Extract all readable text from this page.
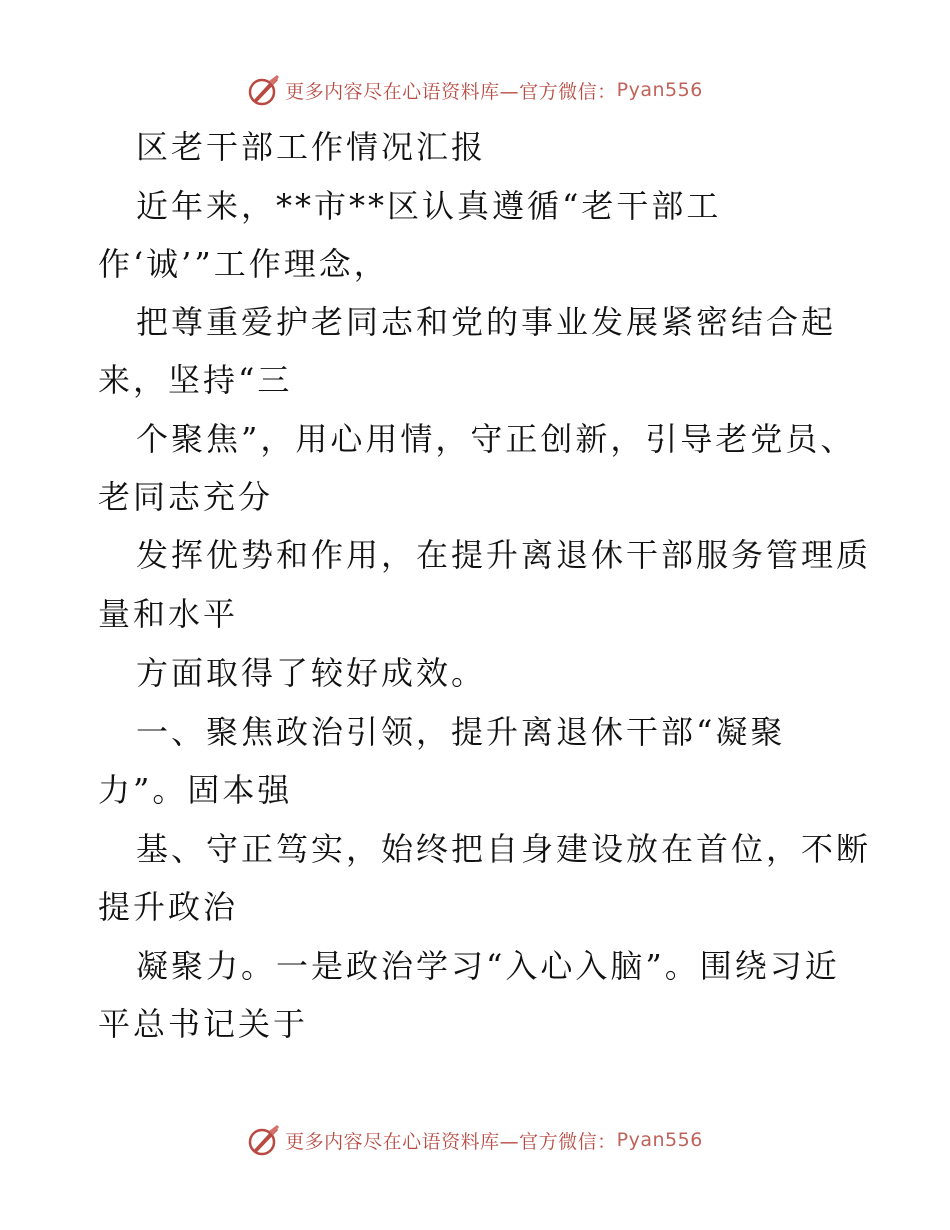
更多内容尽在心语资料库—官方微信： Pyan556
区老干部工作情况汇报
近年来，**市**区认真遵循“老干部工
作‘诚’”工作理念，
把尊重爱护老同志和党的事业发展紧密结合起
来，坚持“三
个聚焦”，用心用情，守正创新，引导老党员、
老同志充分
发挥优势和作用，在提升离退休干部服务管理质
量和水平
方面取得了较好成效。
一、聚焦政治引领，提升离退休干部“凝聚
力”。固本强
基、守正笃实，始终把自身建设放在首位，不断
提升政治
凝聚力。一是政治学习“入心入脑”。围绕习近
平总书记关于
更多内容尽在心语资料库—官方微信： Pyan556
